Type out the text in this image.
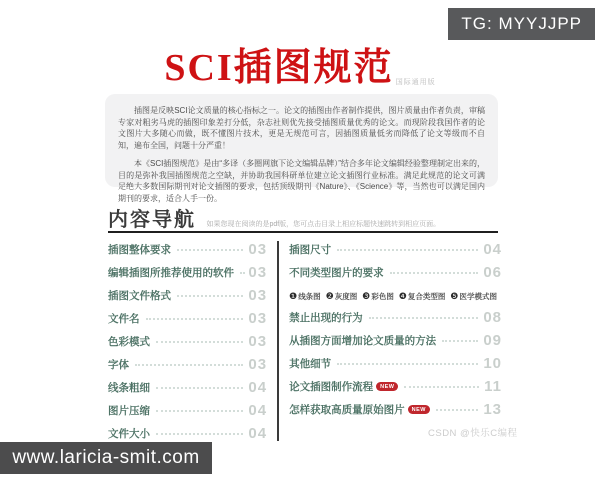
TG: MYYJJPP
SCI插图规范 国际通用版

插图是反映SCI论文质量的核心指标之一。论文的插图由作者制作提供，图片质量由作者负责，审稿专家对粗劣马虎的插图印象差打分低，杂志社则优先接受插图质量优秀的论文。而现阶段我国作者的论文图片大多随心而做，既不懂图片技术，更是无规范可言，因插图质量低劣而降低了论文等级而不自知，遍布全国，问题十分严重！

本《SCI插图规范》是由“多译（多圈网旗下论文编辑品牌）”结合多年论文编辑经验整理制定出来的，目的是弥补我国插图规范之空缺，并协助我国科研单位建立论文插图行业标准。满足此规范的论文可满足绝大多数国际期刊对论文插图的要求，包括顶级期刊《Nature》、《Science》等，当然也可以满足国内期刊的要求，适合人手一份。

内容导航 如果您现在阅读的是pdf版，您可点击目录上相应标题快速跳转到相应页面。
插图整体要求	03
编辑插图所推荐使用的软件 03
插图文件格式	03
文件名	03
色彩模式	03
字体	03
线条粗细	04
图片压缩	04
文件大小	04
插图尺寸	04
不同类型图片的要求	06
❶线条图 ❷灰度图 ❸彩色图 ❹复合类型图 ❺医学模式图
禁止出现的行为	08
从插图方面增加论文质量的方法	09
其他细节	10
论文插图制作流程	NEW	11
怎样获取高质量原始图片	NEW	13
CSDN @快乐C编程
www.laricia-smit.com
